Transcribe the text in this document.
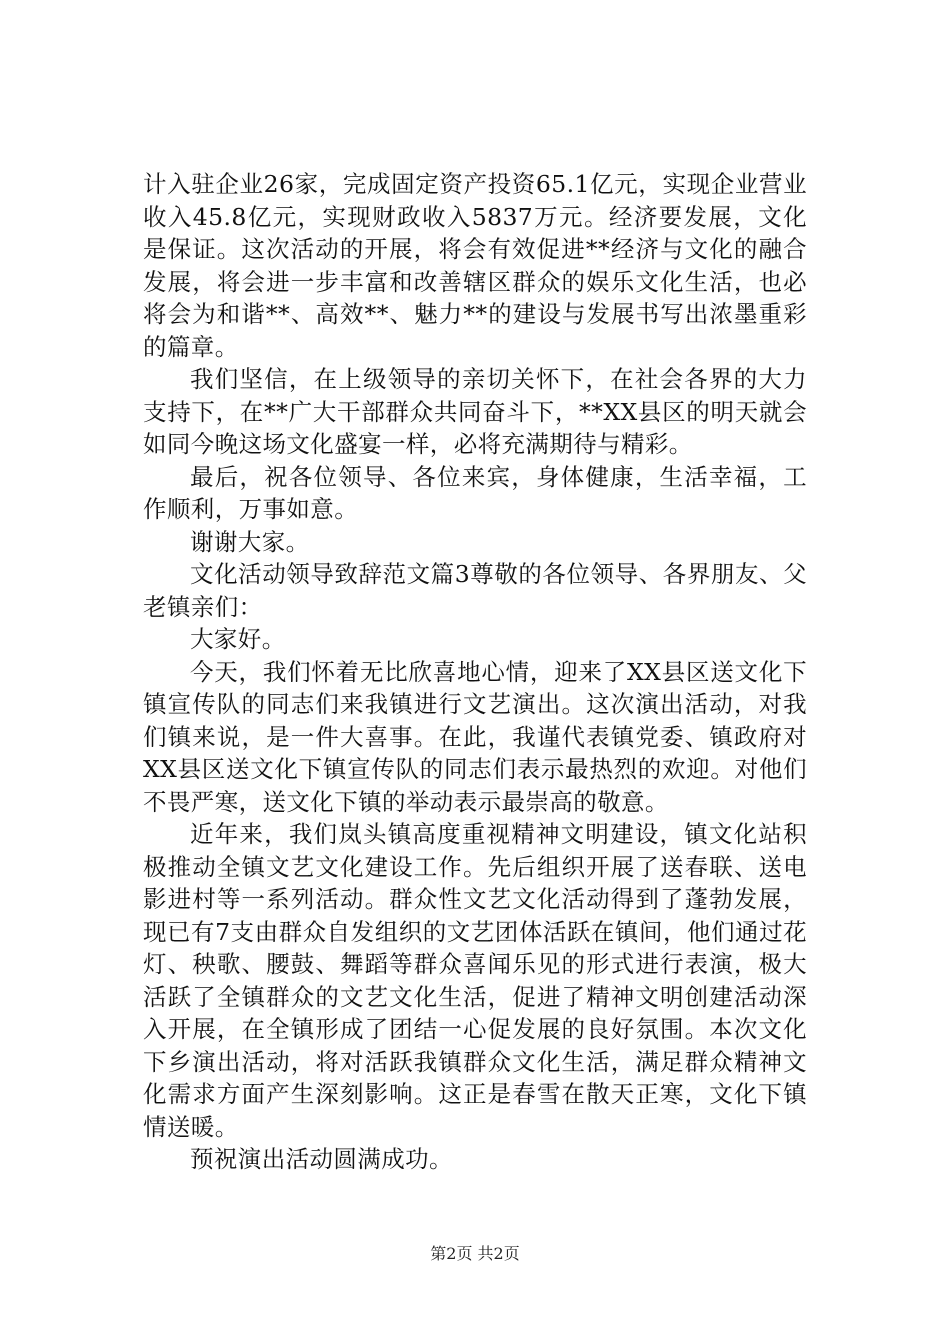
计入驻企业26家，完成固定资产投资65.1亿元，实现企业营业收入45.8亿元，实现财政收入5837万元。经济要发展，文化是保证。这次活动的开展，将会有效促进**经济与文化的融合发展，将会进一步丰富和改善辖区群众的娱乐文化生活，也必将会为和谐**、高效**、魅力**的建设与发展书写出浓墨重彩的篇章。

我们坚信，在上级领导的亲切关怀下，在社会各界的大力支持下，在**广大干部群众共同奋斗下，**XX县区的明天就会如同今晚这场文化盛宴一样，必将充满期待与精彩。

最后，祝各位领导、各位来宾，身体健康，生活幸福，工作顺利，万事如意。

谢谢大家。

文化活动领导致辞范文篇3尊敬的各位领导、各界朋友、父老镇亲们：

大家好。

今天，我们怀着无比欣喜地心情，迎来了XX县区送文化下镇宣传队的同志们来我镇进行文艺演出。这次演出活动，对我们镇来说，是一件大喜事。在此，我谨代表镇党委、镇政府对XX县区送文化下镇宣传队的同志们表示最热烈的欢迎。对他们不畏严寒，送文化下镇的举动表示最崇高的敬意。

近年来，我们岚头镇高度重视精神文明建设，镇文化站积极推动全镇文艺文化建设工作。先后组织开展了送春联、送电影进村等一系列活动。群众性文艺文化活动得到了蓬勃发展，现已有7支由群众自发组织的文艺团体活跃在镇间，他们通过花灯、秧歌、腰鼓、舞蹈等群众喜闻乐见的形式进行表演，极大活跃了全镇群众的文艺文化生活，促进了精神文明创建活动深入开展，在全镇形成了团结一心促发展的良好氛围。本次文化下乡演出活动，将对活跃我镇群众文化生活，满足群众精神文化需求方面产生深刻影响。这正是春雪在散天正寒，文化下镇情送暖。

预祝演出活动圆满成功。

第2页 共2页
